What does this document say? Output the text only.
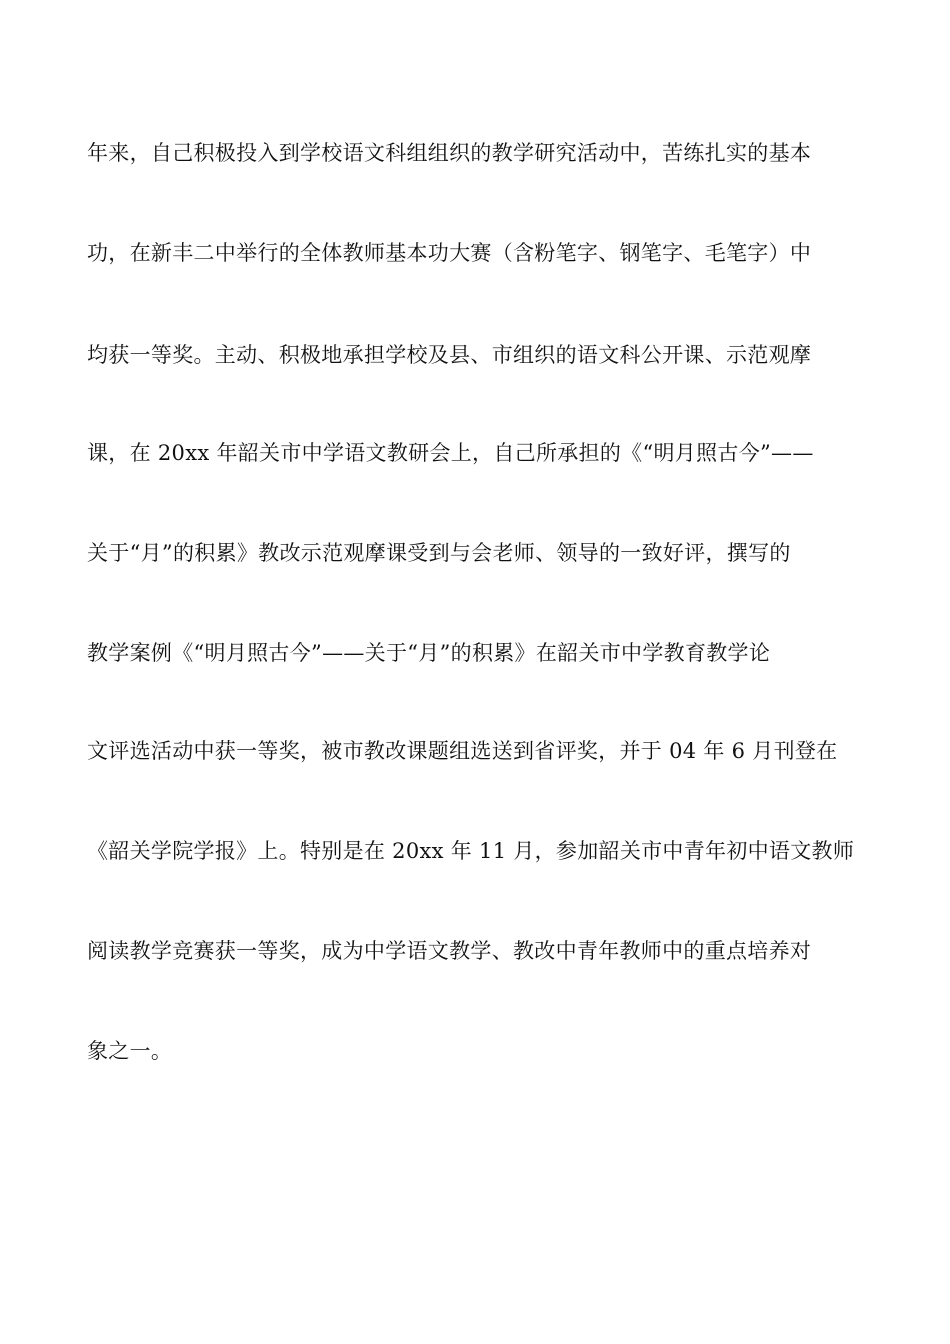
年来，自己积极投入到学校语文科组组织的教学研究活动中，苦练扎实的基本
功，在新丰二中举行的全体教师基本功大赛（含粉笔字、钢笔字、毛笔字）中
均获一等奖。主动、积极地承担学校及县、市组织的语文科公开课、示范观摩
课，在 20xx 年韶关市中学语文教研会上，自己所承担的《“明月照古今”——
关于“月”的积累》教改示范观摩课受到与会老师、领导的一致好评，撰写的
教学案例《“明月照古今”——关于“月”的积累》在韶关市中学教育教学论
文评选活动中获一等奖，被市教改课题组选送到省评奖，并于 04 年 6 月刊登在
《韶关学院学报》上。特别是在 20xx 年 11 月，参加韶关市中青年初中语文教师
阅读教学竞赛获一等奖，成为中学语文教学、教改中青年教师中的重点培养对
象之一。
